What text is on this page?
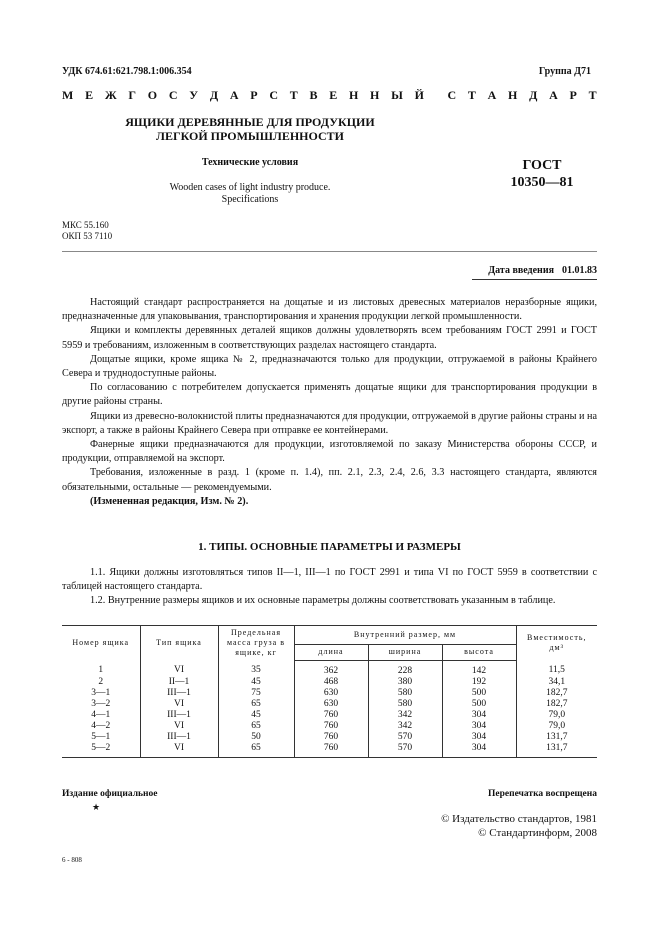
УДК 674.61:621.798.1:006.354	Группа Д71
М Е Ж Г О С У Д А Р С Т В Е Н Н Ы Й С Т А Н Д А Р Т
ЯЩИКИ ДЕРЕВЯННЫЕ ДЛЯ ПРОДУКЦИИ
ЛЕГКОЙ ПРОМЫШЛЕННОСТИ
Технические условия
Wooden cases of light industry produce.
Specifications
ГОСТ
10350—81
МКС 55.160
ОКП 53 7110
Дата введения 01.01.83

Настоящий стандарт распространяется на дощатые и из листовых древесных материалов неразборные ящики, предназначенные для упаковывания, транспортирования и хранения продукции легкой промышленности.

Ящики и комплекты деревянных деталей ящиков должны удовлетворять всем требованиям ГОСТ 2991 и ГОСТ 5959 и требованиям, изложенным в соответствующих разделах настоящего стандарта.

Дощатые ящики, кроме ящика № 2, предназначаются только для продукции, отгружаемой в районы Крайнего Севера и труднодоступные районы.

По согласованию с потребителем допускается применять дощатые ящики для транспортирования продукции в другие районы страны.

Ящики из древесно-волокнистой плиты предназначаются для продукции, отгружаемой в другие районы страны и на экспорт, а также в районы Крайнего Севера при отправке ее контейнерами.

Фанерные ящики предназначаются для продукции, изготовляемой по заказу Министерства обороны СССР, и продукции, отправляемой на экспорт.

Требования, изложенные в разд. 1 (кроме п. 1.4), пп. 2.1, 2.3, 2.4, 2.6, 3.3 настоящего стандарта, являются обязательными, остальные — рекомендуемыми.

(Измененная редакция, Изм. № 2).

1. ТИПЫ. ОСНОВНЫЕ ПАРАМЕТРЫ И РАЗМЕРЫ

1.1. Ящики должны изготовляться типов II—1, III—1 по ГОСТ 2991 и типа VI по ГОСТ 5959 в соответствии с таблицей настоящего стандарта.

1.2. Внутренние размеры ящиков и их основные параметры должны соответствовать указанным в таблице.

Номер ящика	Тип ящика	Предельная масса груза в ящике, кг	Внутренний размер, мм			Вместимость, дм³
			длина	ширина	высота	
1	VI	35	362	228	142	11,5
2	II—1	45	468	380	192	34,1
3—1	III—1	75	630	580	500	182,7
3—2	VI	65	630	580	500	182,7
4—1	III—1	45	760	342	304	79,0
4—2	VI	65	760	342	304	79,0
5—1	III—1	50	760	570	304	131,7
5—2	VI	65	760	570	304	131,7
Издание официальное
★
Перепечатка воспрещена
© Издательство стандартов, 1981
© Стандартинформ, 2008
6 - 808
